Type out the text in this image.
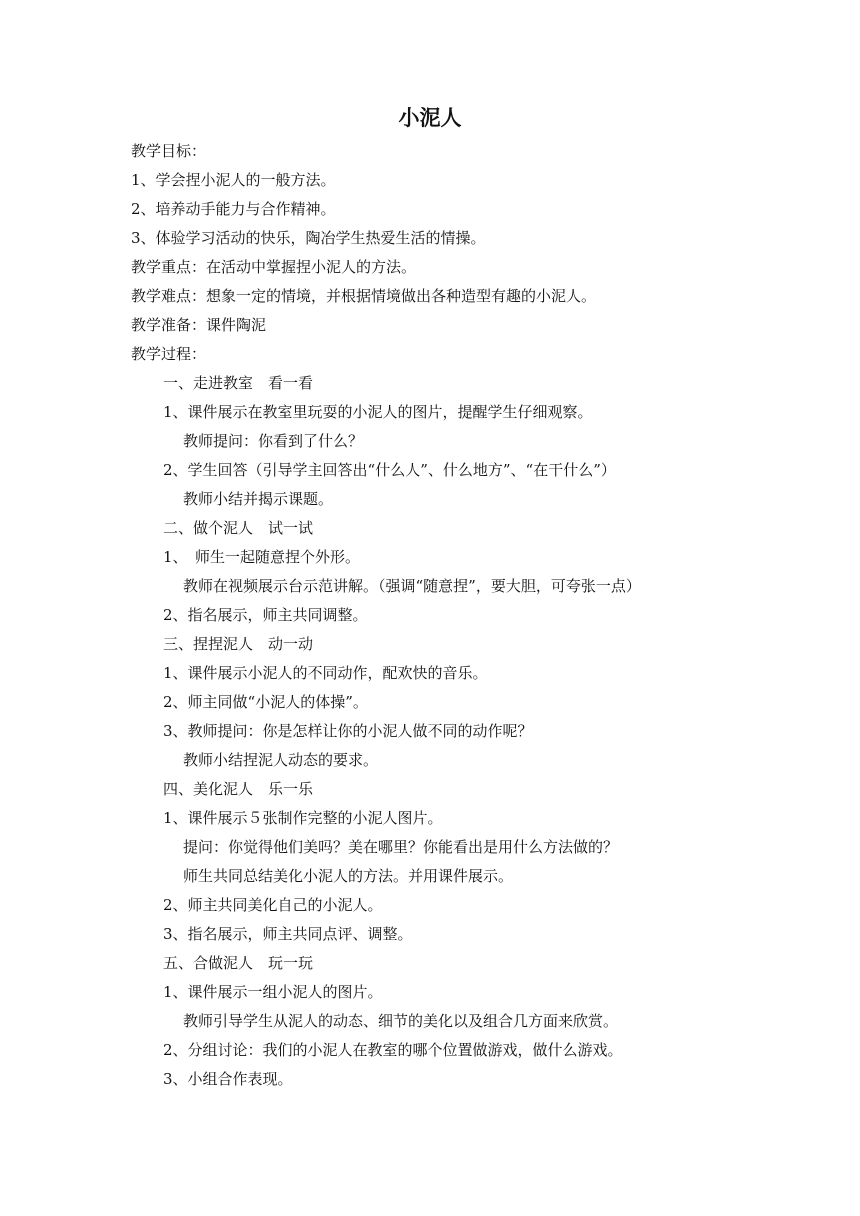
小泥人
教学目标：
1、学会捏小泥人的一般方法。
2、培养动手能力与合作精神。
3、体验学习活动的快乐，陶冶学生热爱生活的情操。
教学重点：在活动中掌握捏小泥人的方法。
教学难点：想象一定的情境，并根据情境做出各种造型有趣的小泥人。
教学准备：课件陶泥
教学过程：
一、走进教室　看一看
1、课件展示在教室里玩耍的小泥人的图片，提醒学生仔细观察。
教师提问：你看到了什么？
2、学生回答（引导学主回答出“什么人”、什么地方”、“在干什么”）
教师小结并揭示课题。
二、做个泥人　试一试
1、　师生一起随意捏个外形。
教师在视频展示台示范讲解。（强调“随意捏”，要大胆，可夸张一点）
2、指名展示，师主共同调整。
三、捏捏泥人　动一动
1、课件展示小泥人的不同动作，配欢快的音乐。
2、师主同做“小泥人的体操”。
3、教师提问：你是怎样让你的小泥人做不同的动作呢？
教师小结捏泥人动态的要求。
四、美化泥人　乐一乐
1、课件展示５张制作完整的小泥人图片。
提问：你觉得他们美吗？美在哪里？你能看出是用什么方法做的？
师生共同总结美化小泥人的方法。并用课件展示。
2、师主共同美化自己的小泥人。
3、指名展示，师主共同点评、调整。
五、合做泥人　玩一玩
1、课件展示一组小泥人的图片。
教师引导学生从泥人的动态、细节的美化以及组合几方面来欣赏。
2、分组讨论：我们的小泥人在教室的哪个位置做游戏，做什么游戏。
3、小组合作表现。
